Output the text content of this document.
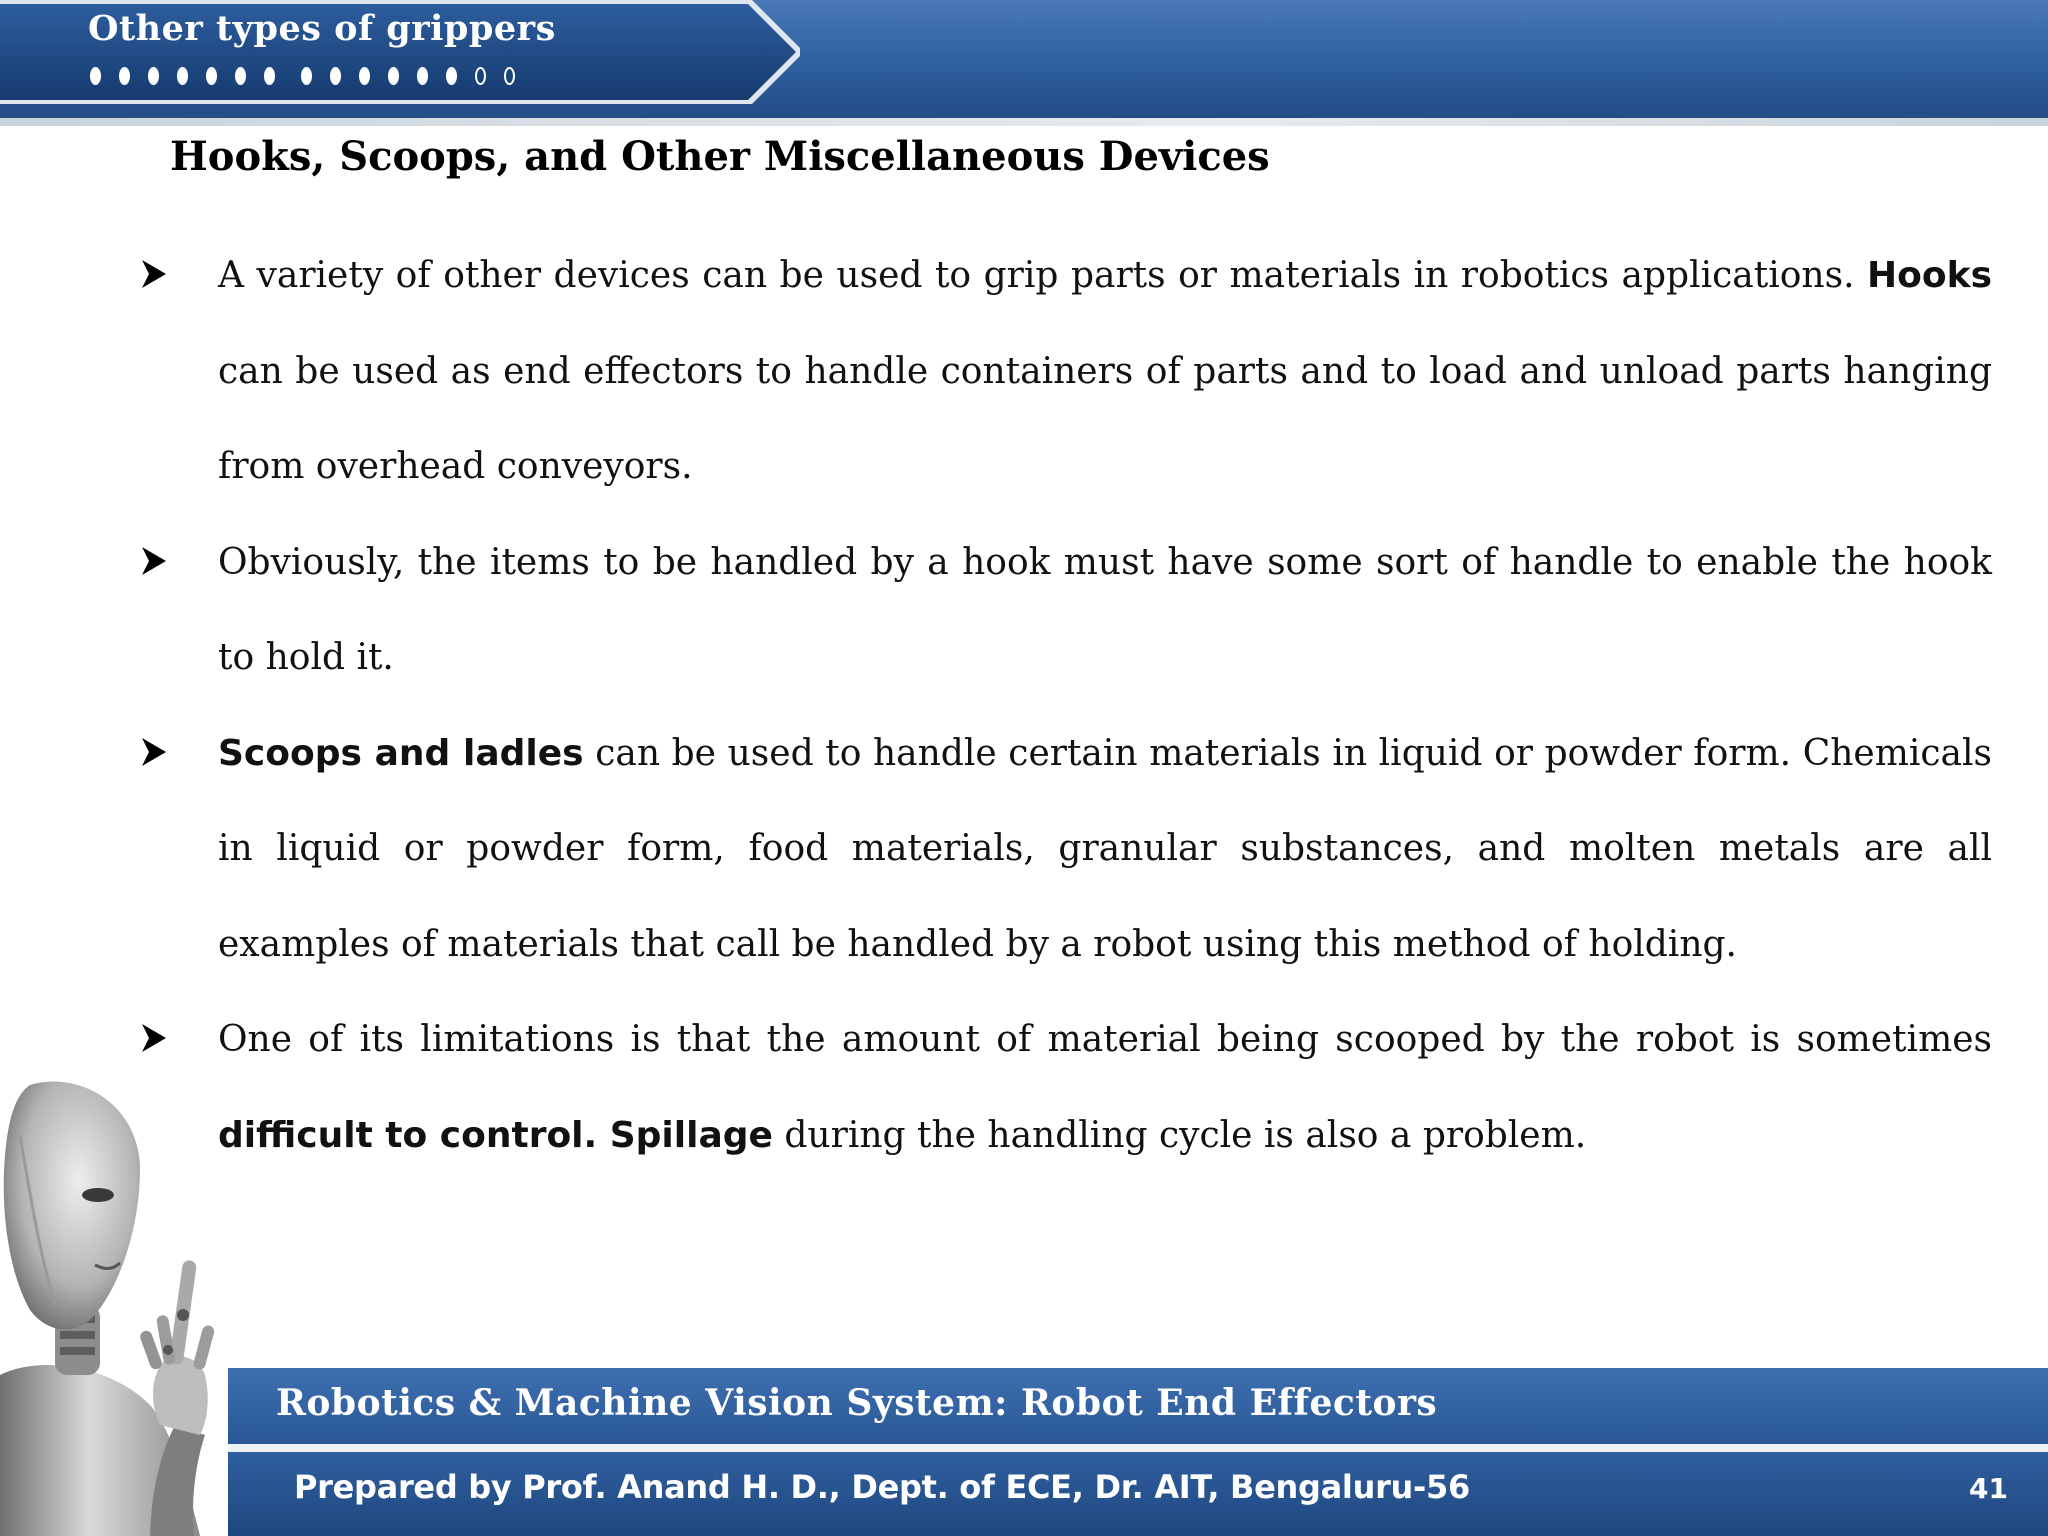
Other types of grippers
Hooks, Scoops, and Other Miscellaneous Devices
A variety of other devices can be used to grip parts or materials in robotics applications. Hooks can be used as end effectors to handle containers of parts and to load and unload parts hanging from overhead conveyors.
Obviously, the items to be handled by a hook must have some sort of handle to enable the hook to hold it.
Scoops and ladles can be used to handle certain materials in liquid or powder form. Chemicals in liquid or powder form, food materials, granular substances, and molten metals are all examples of materials that call be handled by a robot using this method of holding.
One of its limitations is that the amount of material being scooped by the robot is sometimes difficult to control. Spillage during the handling cycle is also a problem.

Robotics & Machine Vision System: Robot End Effectors

Prepared by Prof. Anand H. D., Dept. of ECE, Dr. AIT, Bengaluru-56	41
